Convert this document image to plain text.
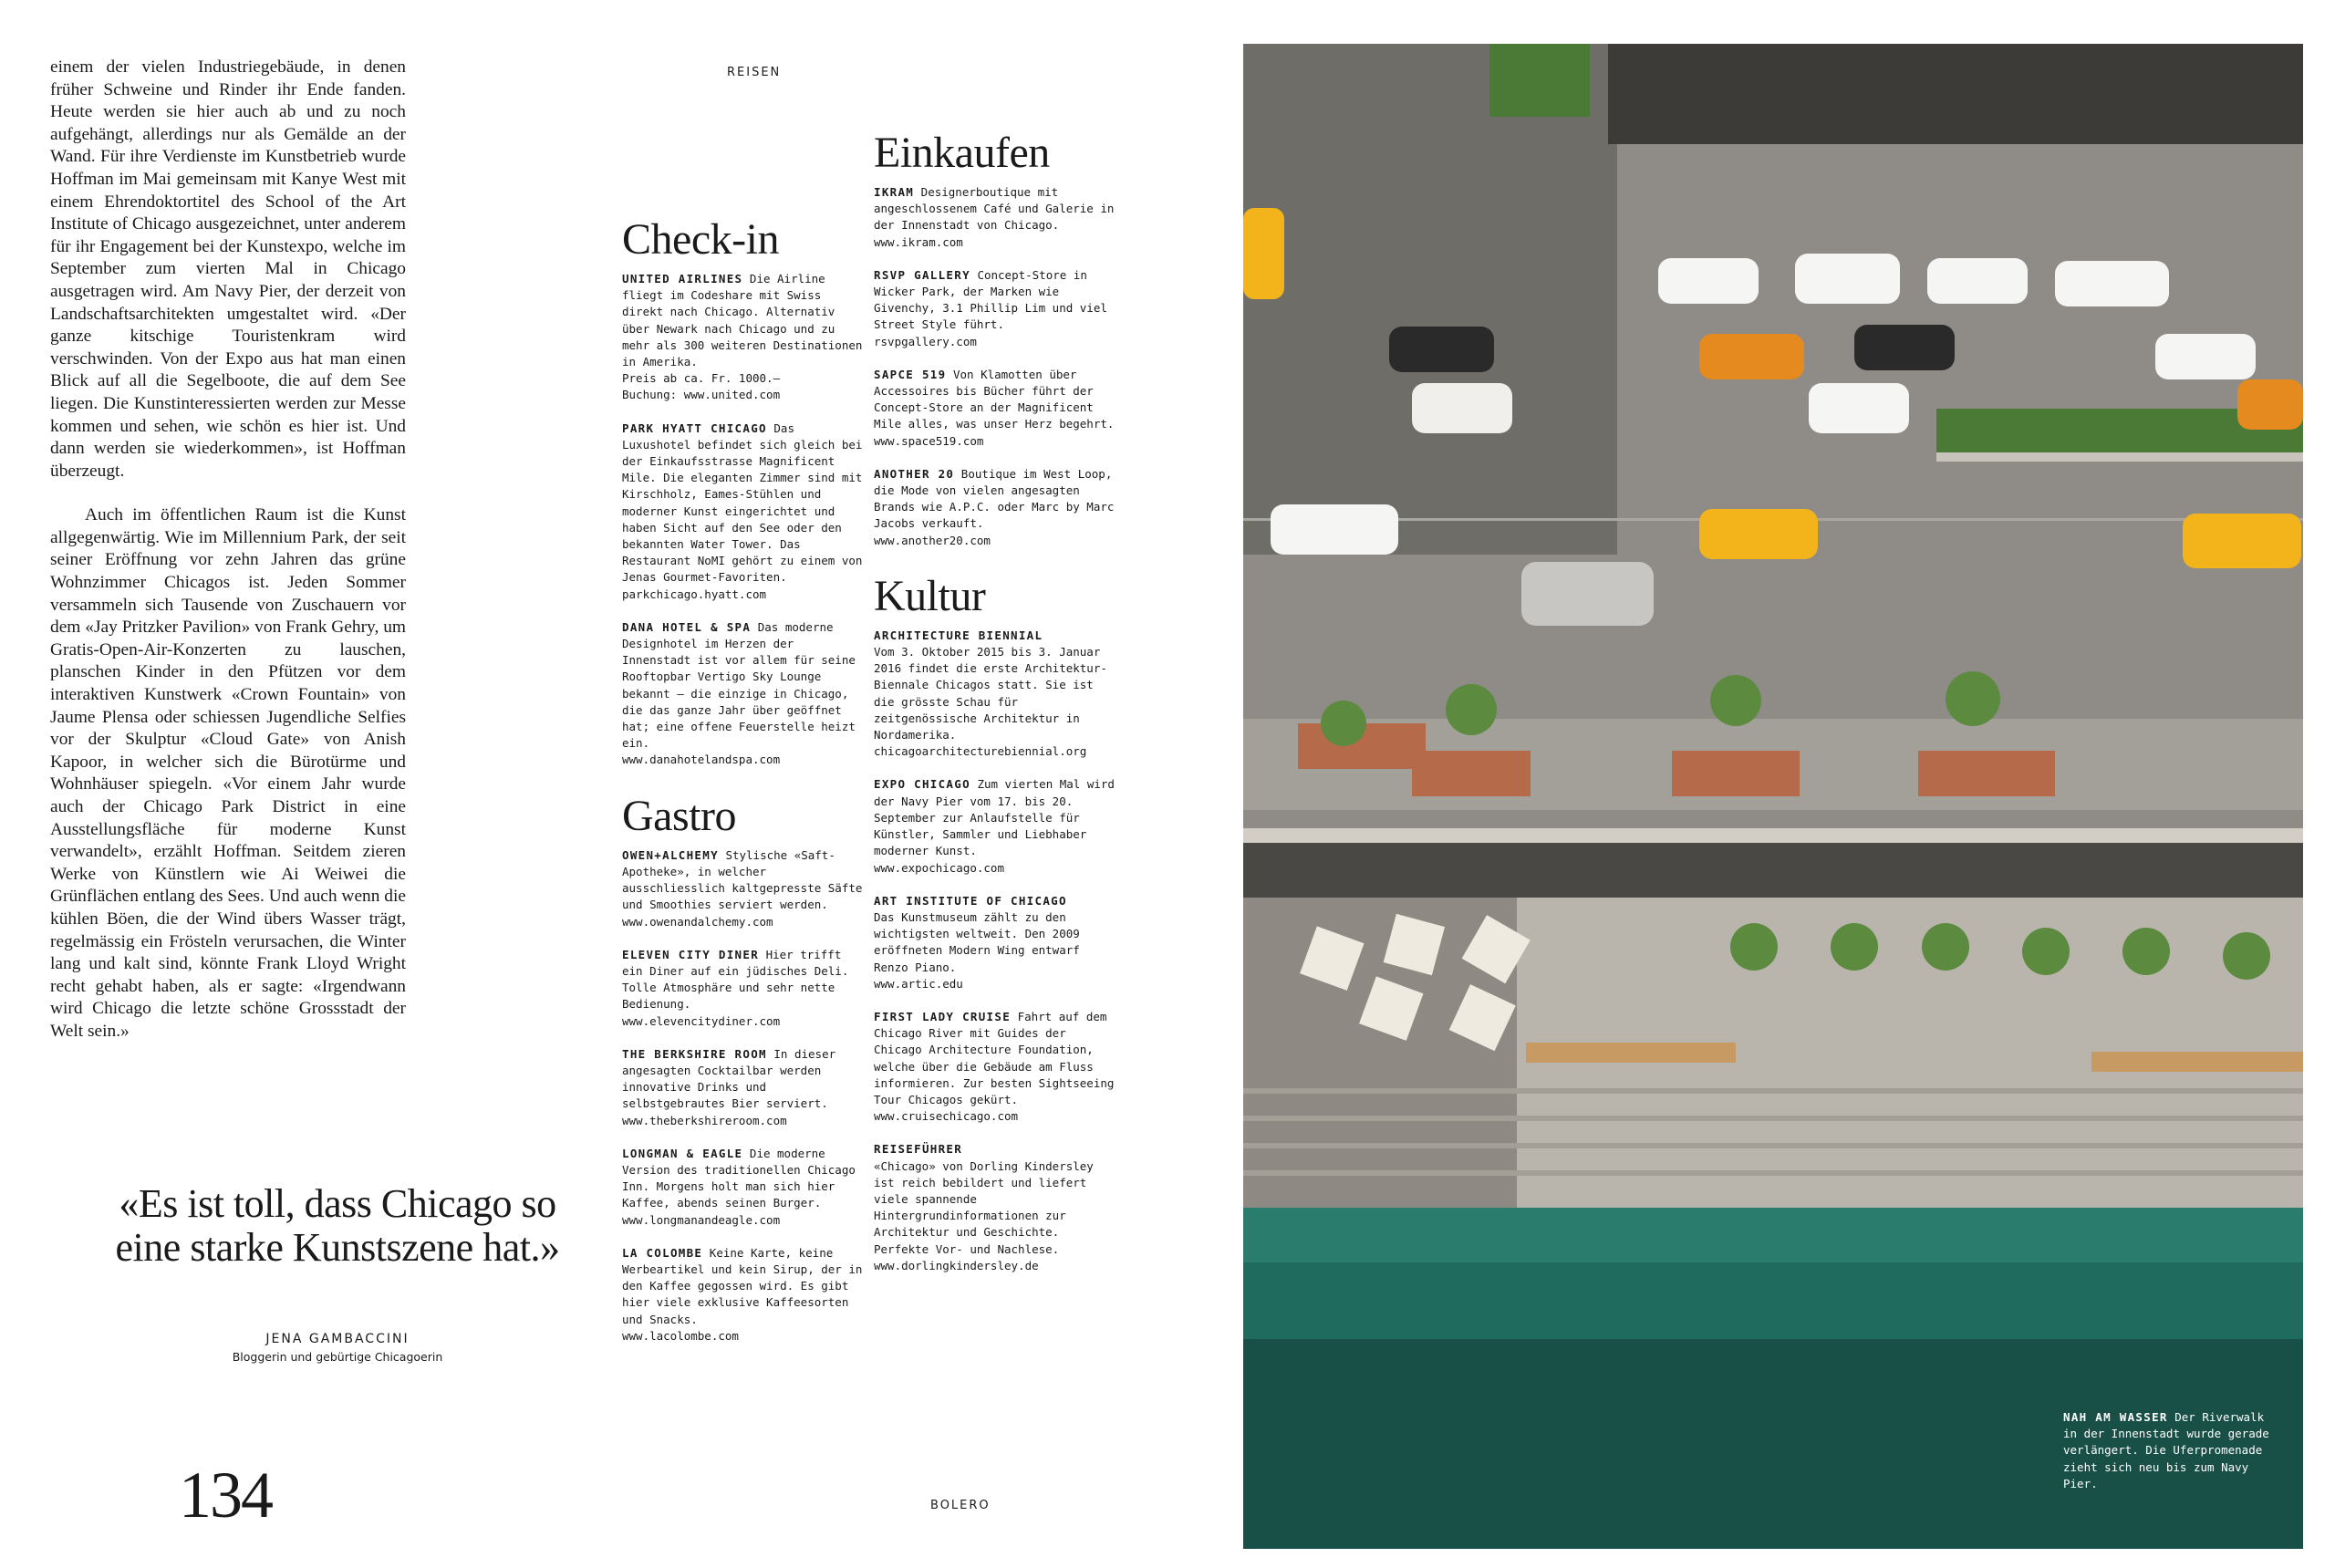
einem der vielen Industriegebäude, in denen früher Schweine und Rinder ihr Ende fanden. Heute werden sie hier auch ab und zu noch aufgehängt, allerdings nur als Gemälde an der Wand. Für ihre Verdienste im Kunstbetrieb wurde Hoffman im Mai gemeinsam mit Kanye West mit einem Ehrendoktortitel des School of the Art Institute of Chicago ausgezeichnet, unter anderem für ihr Engagement bei der Kunstexpo, welche im September zum vierten Mal in Chicago ausgetragen wird. Am Navy Pier, der derzeit von Landschaftsarchitekten umgestaltet wird. «Der ganze kitschige Touristenkram wird verschwinden. Von der Expo aus hat man einen Blick auf all die Segelboote, die auf dem See liegen. Die Kunstinteressierten werden zur Messe kommen und sehen, wie schön es hier ist. Und dann werden sie wiederkommen», ist Hoffman überzeugt.

Auch im öffentlichen Raum ist die Kunst allgegenwärtig. Wie im Millennium Park, der seit seiner Eröffnung vor zehn Jahren das grüne Wohnzimmer Chicagos ist. Jeden Sommer versammeln sich Tausende von Zuschauern vor dem «Jay Pritzker Pavilion» von Frank Gehry, um Gratis-Open-Air-Konzerten zu lauschen, planschen Kinder in den Pfützen vor dem interaktiven Kunstwerk «Crown Fountain» von Jaume Plensa oder schiessen Jugendliche Selfies vor der Skulptur «Cloud Gate» von Anish Kapoor, in welcher sich die Bürotürme und Wohnhäuser spiegeln. «Vor einem Jahr wurde auch der Chicago Park District in eine Ausstellungsfläche für moderne Kunst verwandelt», erzählt Hoffman. Seitdem zieren Werke von Künstlern wie Ai Weiwei die Grünflächen entlang des Sees. Und auch wenn die kühlen Böen, die der Wind übers Wasser trägt, regelmässig ein Frösteln verursachen, die Winter lang und kalt sind, könnte Frank Lloyd Wright recht gehabt haben, als er sagte: «Irgendwann wird Chicago die letzte schöne Grossstadt der Welt sein.»

«Es ist toll, dass Chicago so eine starke Kunstszene hat.»
JENA GAMBACCINI
Bloggerin und gebürtige Chicagoerin
134
REISEN
BOLERO
Check-in
UNITED AIRLINES Die Airline fliegt im Codeshare mit Swiss direkt nach Chicago. Alternativ über Newark nach Chicago und zu mehr als 300 weiteren Destinationen in Amerika.
Preis ab ca. Fr. 1000.–
Buchung: www.united.com
PARK HYATT CHICAGO Das Luxushotel befindet sich gleich bei der Einkaufsstrasse Magnificent Mile. Die eleganten Zimmer sind mit Kirschholz, Eames-Stühlen und moderner Kunst eingerichtet und haben Sicht auf den See oder den bekannten Water Tower. Das Restaurant NoMI gehört zu einem von Jenas Gourmet-Favoriten.
parkchicago.hyatt.com
DANA HOTEL & SPA Das moderne Designhotel im Herzen der Innenstadt ist vor allem für seine Rooftopbar Vertigo Sky Lounge bekannt – die einzige in Chicago, die das ganze Jahr über geöffnet hat; eine offene Feuerstelle heizt ein.
www.danahotelandspa.com
Gastro
OWEN+ALCHEMY Stylische «Saft-Apotheke», in welcher ausschliesslich kaltgepresste Säfte und Smoothies serviert werden.
www.owenandalchemy.com
ELEVEN CITY DINER Hier trifft ein Diner auf ein jüdisches Deli. Tolle Atmosphäre und sehr nette Bedienung.
www.elevencitydiner.com
THE BERKSHIRE ROOM In dieser angesagten Cocktailbar werden innovative Drinks und selbstgebrautes Bier serviert.
www.theberkshireroom.com
LONGMAN & EAGLE Die moderne Version des traditionellen Chicago Inn. Morgens holt man sich hier Kaffee, abends seinen Burger.
www.longmanandeagle.com
LA COLOMBE Keine Karte, keine Werbeartikel und kein Sirup, der in den Kaffee gegossen wird. Es gibt hier viele exklusive Kaffeesorten und Snacks.
www.lacolombe.com
Einkaufen
IKRAM Designerboutique mit angeschlossenem Café und Galerie in der Innenstadt von Chicago.
www.ikram.com
RSVP GALLERY Concept-Store in Wicker Park, der Marken wie Givenchy, 3.1 Phillip Lim und viel Street Style führt.
rsvpgallery.com
SAPCE 519 Von Klamotten über Accessoires bis Bücher führt der Concept-Store an der Magnificent Mile alles, was unser Herz begehrt.
www.space519.com
ANOTHER 20 Boutique im West Loop, die Mode von vielen angesagten Brands wie A.P.C. oder Marc by Marc Jacobs verkauft.
www.another20.com
Kultur
ARCHITECTURE BIENNIAL
Vom 3. Oktober 2015 bis 3. Januar 2016 findet die erste Architektur-Biennale Chicagos statt. Sie ist die grösste Schau für zeitgenössische Architektur in Nordamerika.
chicagoarchitecturebiennial.org
EXPO CHICAGO Zum vierten Mal wird der Navy Pier vom 17. bis 20. September zur Anlaufstelle für Künstler, Sammler und Liebhaber moderner Kunst.
www.expochicago.com
ART INSTITUTE OF CHICAGO
Das Kunstmuseum zählt zu den wichtigsten weltweit. Den 2009 eröffneten Modern Wing entwarf Renzo Piano.
www.artic.edu
FIRST LADY CRUISE Fahrt auf dem Chicago River mit Guides der Chicago Architecture Foundation, welche über die Gebäude am Fluss informieren. Zur besten Sightseeing Tour Chicagos gekürt.
www.cruisechicago.com
REISEFÜHRER
«Chicago» von Dorling Kindersley ist reich bebildert und liefert viele spannende Hintergrundinformationen zur Architektur und Geschichte. Perfekte Vor- und Nachlese.
www.dorlingkindersley.de
NAH AM WASSER Der Riverwalk in der Innenstadt wurde gerade verlängert. Die Uferpromenade zieht sich neu bis zum Navy Pier.
